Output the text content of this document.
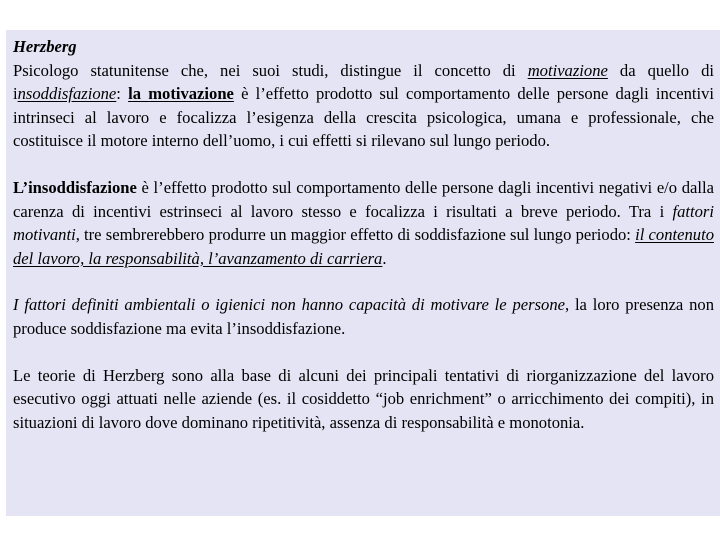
Herzberg
Psicologo statunitense che, nei suoi studi, distingue il concetto di motivazione da quello di insoddisfazione: la motivazione è l’effetto prodotto sul comportamento delle persone dagli incentivi intrinseci al lavoro e focalizza l’esigenza della crescita psicologica, umana e professionale, che costituisce il motore interno dell’uomo, i cui effetti si rilevano sul lungo periodo.

L’insoddisfazione è l’effetto prodotto sul comportamento delle persone dagli incentivi negativi e/o dalla carenza di incentivi estrinseci al lavoro stesso e focalizza i risultati a breve periodo. Tra i fattori motivanti, tre sembrerebbero produrre un maggior effetto di soddisfazione sul lungo periodo: il contenuto del lavoro, la responsabilità, l’avanzamento di carriera.

I fattori definiti ambientali o igienici non hanno capacità di motivare le persone, la loro presenza non produce soddisfazione ma evita l’insoddisfazione.

Le teorie di Herzberg sono alla base di alcuni dei principali tentativi di riorganizzazione del lavoro esecutivo oggi attuati nelle aziende (es. il cosiddetto “job enrichment” o arricchimento dei compiti), in situazioni di lavoro dove dominano ripetitività, assenza di responsabilità e monotonia.
